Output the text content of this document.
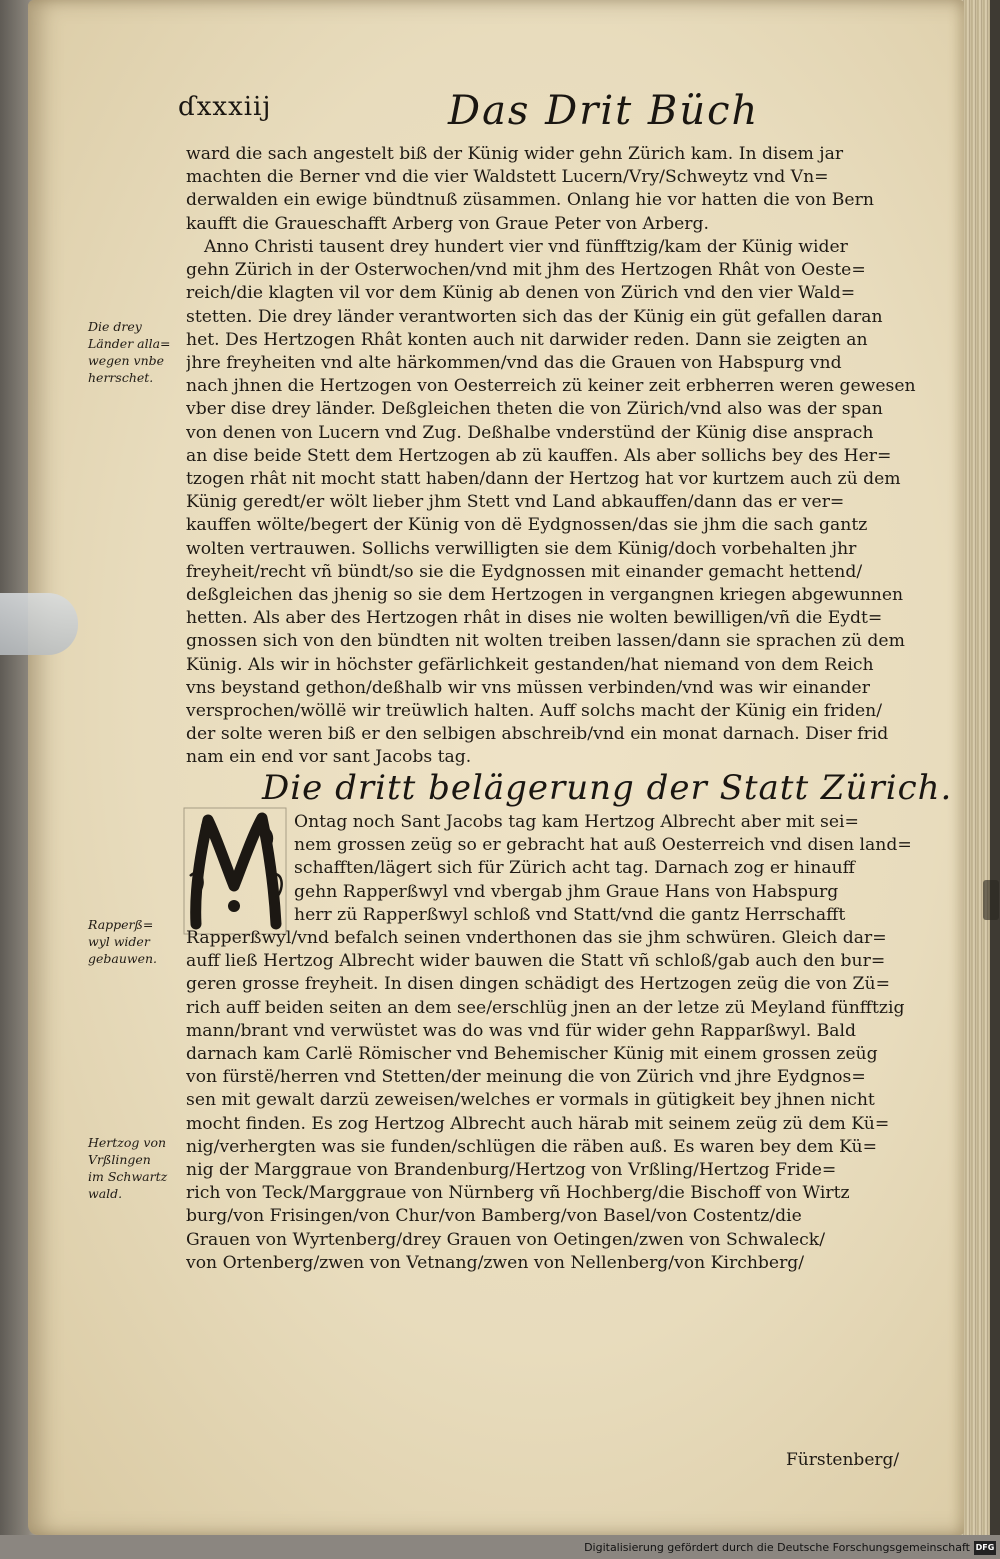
ɗxxxiij	Das Drit Büch
ward die sach angestelt biß der Künig wider gehn Zürich kam. In disem jar
machten die Berner vnd die vier Waldstett Lucern/Vry/Schweytz vnd Vn=
derwalden ein ewige bündtnuß züsammen. Onlang hie vor hatten die von Bern
kaufft die Graueschafft Arberg von Graue Peter von Arberg.
Anno Christi tausent drey hundert vier vnd fünfftzig/kam der Künig wider
gehn Zürich in der Osterwochen/vnd mit jhm des Hertzogen Rhât von Oeste=
reich/die klagten vil vor dem Künig ab denen von Zürich vnd den vier Wald=
stetten. Die drey länder verantworten sich das der Künig ein güt gefallen daran
het. Des Hertzogen Rhât konten auch nit darwider reden. Dann sie zeigten an
jhre freyheiten vnd alte härkommen/vnd das die Grauen von Habspurg vnd
nach jhnen die Hertzogen von Oesterreich zü keiner zeit erbherren weren gewesen
vber dise drey länder. Deßgleichen theten die von Zürich/vnd also was der span
von denen von Lucern vnd Zug. Deßhalbe vnderstünd der Künig dise ansprach
an dise beide Stett dem Hertzogen ab zü kauffen. Als aber sollichs bey des Her=
tzogen rhât nit mocht statt haben/dann der Hertzog hat vor kurtzem auch zü dem
Künig geredt/er wölt lieber jhm Stett vnd Land abkauffen/dann das er ver=
kauffen wölte/begert der Künig von dë Eydgnossen/das sie jhm die sach gantz
wolten vertrauwen. Sollichs verwilligten sie dem Künig/doch vorbehalten jhr
freyheit/recht vñ bündt/so sie die Eydgnossen mit einander gemacht hettend/
deßgleichen das jhenig so sie dem Hertzogen in vergangnen kriegen abgewunnen
hetten. Als aber des Hertzogen rhât in dises nie wolten bewilligen/vñ die Eydt=
gnossen sich von den bündten nit wolten treiben lassen/dann sie sprachen zü dem
Künig. Als wir in höchster gefärlichkeit gestanden/hat niemand von dem Reich
vns beystand gethon/deßhalb wir vns müssen verbinden/vnd was wir einander
versprochen/wöllë wir treüwlich halten. Auff solchs macht der Künig ein friden/
der solte weren biß er den selbigen abschreib/vnd ein monat darnach. Diser frid
nam ein end vor sant Jacobs tag.
Die drey
Länder alla=
wegen vnbe
herrschet.
Die dritt belägerung der Statt Zürich.
Ontag noch Sant Jacobs tag kam Hertzog Albrecht aber mit sei=
nem grossen zeüg so er gebracht hat auß Oesterreich vnd disen land=
schafften/lägert sich für Zürich acht tag. Darnach zog er hinauff
gehn Rapperßwyl vnd vbergab jhm Graue Hans von Habspurg
herr zü Rapperßwyl schloß vnd Statt/vnd die gantz Herrschafft
Rapperßwyl/vnd befalch seinen vnderthonen das sie jhm schwüren. Gleich dar=
auff ließ Hertzog Albrecht wider bauwen die Statt vñ schloß/gab auch den bur=
geren grosse freyheit. In disen dingen schädigt des Hertzogen zeüg die von Zü=
rich auff beiden seiten an dem see/erschlüg jnen an der letze zü Meyland fünfftzig
mann/brant vnd verwüstet was do was vnd für wider gehn Rapparßwyl. Bald
darnach kam Carlë Römischer vnd Behemischer Künig mit einem grossen zeüg
von fürstë/herren vnd Stetten/der meinung die von Zürich vnd jhre Eydgnos=
sen mit gewalt darzü zeweisen/welches er vormals in gütigkeit bey jhnen nicht
mocht finden. Es zog Hertzog Albrecht auch härab mit seinem zeüg zü dem Kü=
nig/verhergten was sie funden/schlügen die räben auß. Es waren bey dem Kü=
nig der Marggraue von Brandenburg/Hertzog von Vrßling/Hertzog Fride=
rich von Teck/Marggraue von Nürnberg vñ Hochberg/die Bischoff von Wirtz
burg/von Frisingen/von Chur/von Bamberg/von Basel/von Costentz/die
Grauen von Wyrtenberg/drey Grauen von Oetingen/zwen von Schwaleck/
von Ortenberg/zwen von Vetnang/zwen von Nellenberg/von Kirchberg/
Rapperß=
wyl wider
gebauwen.
Hertzog von
Vrßlingen
im Schwartz
wald.
Fürstenberg/
Digitalisierung gefördert durch die Deutsche Forschungsgemeinschaft DFG
